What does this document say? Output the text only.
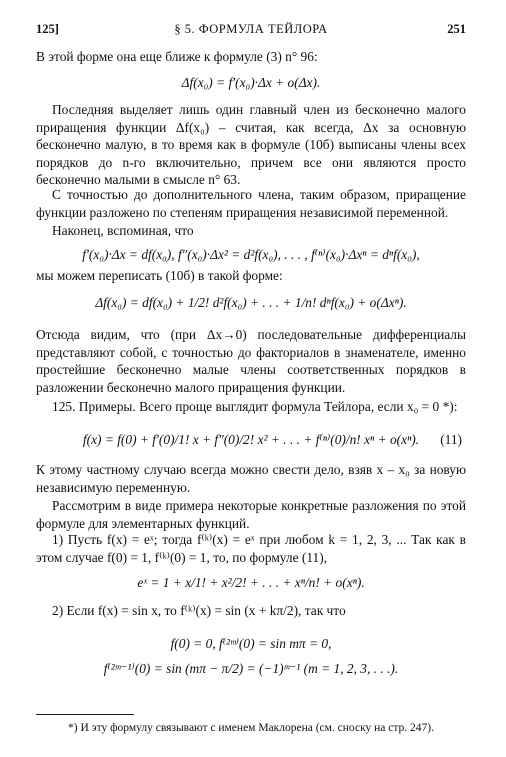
125]	§ 5. ФОРМУЛА ТЕЙЛОРА	251

В этой форме она еще ближе к формуле (3) n° 96:

Δf(x₀) = f′(x₀)·Δx + o(Δx).

Последняя выделяет лишь один главный член из бесконечно малого приращения функции Δf(x₀) – считая, как всегда, Δx за основную бесконечно малую, в то время как в формуле (10б) выписаны члены всех порядков до n-го включительно, причем все они являются просто бесконечно малыми в смысле n° 63.

С точностью до дополнительного члена, таким образом, приращение функции разложено по степеням приращения независимой переменной.

Наконец, вспоминая, что

f′(x₀)·Δx = df(x₀), f″(x₀)·Δx² = d²f(x₀), . . . , f⁽ⁿ⁾(x₀)·Δxⁿ = dⁿf(x₀),

мы можем переписать (10б) в такой форме:

Δf(x₀) = df(x₀) + 1/2! d²f(x₀) + . . . + 1/n! dⁿf(x₀) + o(Δxⁿ).

Отсюда видим, что (при Δx→0) последовательные дифференциалы представляют собой, с точностью до факториалов в знаменателе, именно простейшие бесконечно малые члены соответственных порядков в разложении бесконечно малого приращения функции.

125. Примеры. Всего проще выглядит формула Тейлора, если x₀ = 0 *):

f(x) = f(0) + f′(0)/1! x + f″(0)/2! x² + . . . + f⁽ⁿ⁾(0)/n! xⁿ + o(xⁿ).	(11)

К этому частному случаю всегда можно свести дело, взяв x – x₀ за новую независимую переменную.

Рассмотрим в виде примера некоторые конкретные разложения по этой формуле для элементарных функций.

1) Пусть f(x) = eˣ; тогда f⁽ᵏ⁾(x) = eˣ при любом k = 1, 2, 3, ... Так как в этом случае f(0) = 1, f⁽ᵏ⁾(0) = 1, то, по формуле (11),

eˣ = 1 + x/1! + x²/2! + . . . + xⁿ/n! + o(xⁿ).

2) Если f(x) = sin x, то f⁽ᵏ⁾(x) = sin (x + kπ/2), так что

f(0) = 0, f⁽²ᵐ⁾(0) = sin mπ = 0,
f⁽²ᵐ⁻¹⁾(0) = sin (mπ − π/2) = (−1)ᵐ⁻¹ (m = 1, 2, 3, . . .).
*) И эту формулу связывают с именем Маклорена (см. сноску на стр. 247).
